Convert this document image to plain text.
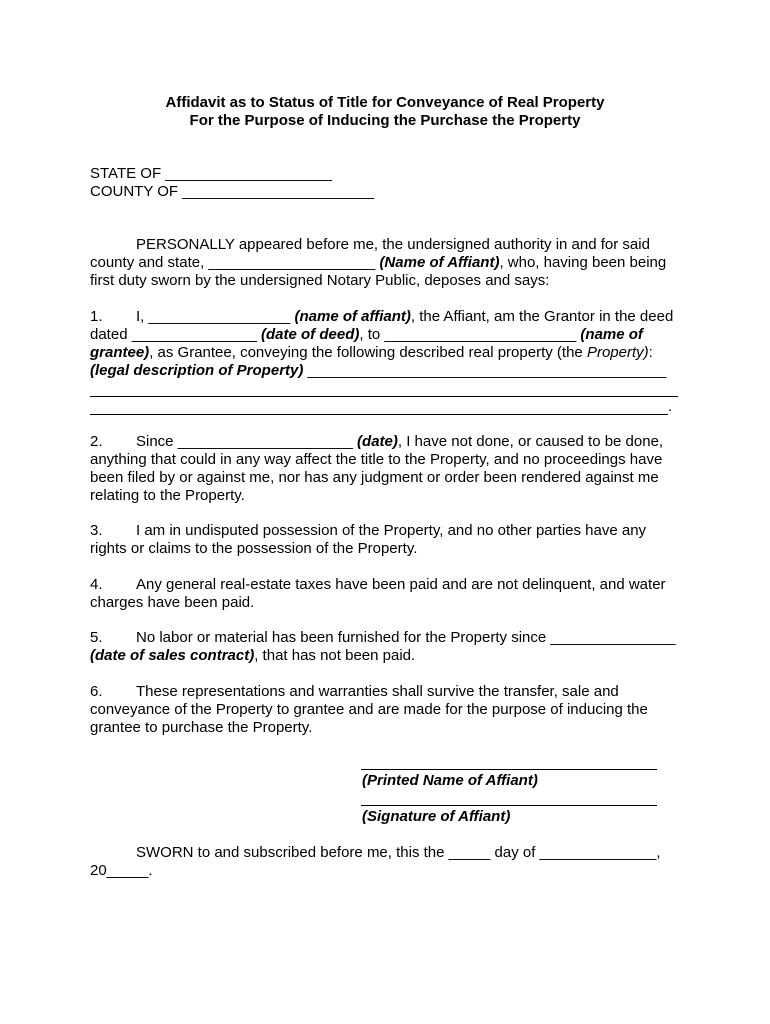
Affidavit as to Status of Title for Conveyance of Real Property
For the Purpose of Inducing the Purchase the Property
STATE OF ____________________
COUNTY OF _______________________
PERSONALLY appeared before me, the undersigned authority in and for said
county and state, ____________________ (Name of Affiant), who, having been being
first duty sworn by the undersigned Notary Public, deposes and says:
1. I, _________________ (name of affiant), the Affiant, am the Grantor in the deed
dated _______________ (date of deed), to _______________________ (name of
grantee), as Grantee, conveying the following described real property (the Property):
(legal description of Property) ___________________________________________
.
2. Since _____________________ (date), I have not done, or caused to be done,
anything that could in any way affect the title to the Property, and no proceedings have
been filed by or against me, nor has any judgment or order been rendered against me
relating to the Property.
3. I am in undisputed possession of the Property, and no other parties have any
rights or claims to the possession of the Property.
4. Any general real-estate taxes have been paid and are not delinquent, and water
charges have been paid.
5. No labor or material has been furnished for the Property since _______________
(date of sales contract), that has not been paid.
6. These representations and warranties shall survive the transfer, sale and
conveyance of the Property to grantee and are made for the purpose of inducing the
grantee to purchase the Property.
(Printed Name of Affiant)
(Signature of Affiant)
SWORN to and subscribed before me, this the _____ day of ______________,
20_____.
